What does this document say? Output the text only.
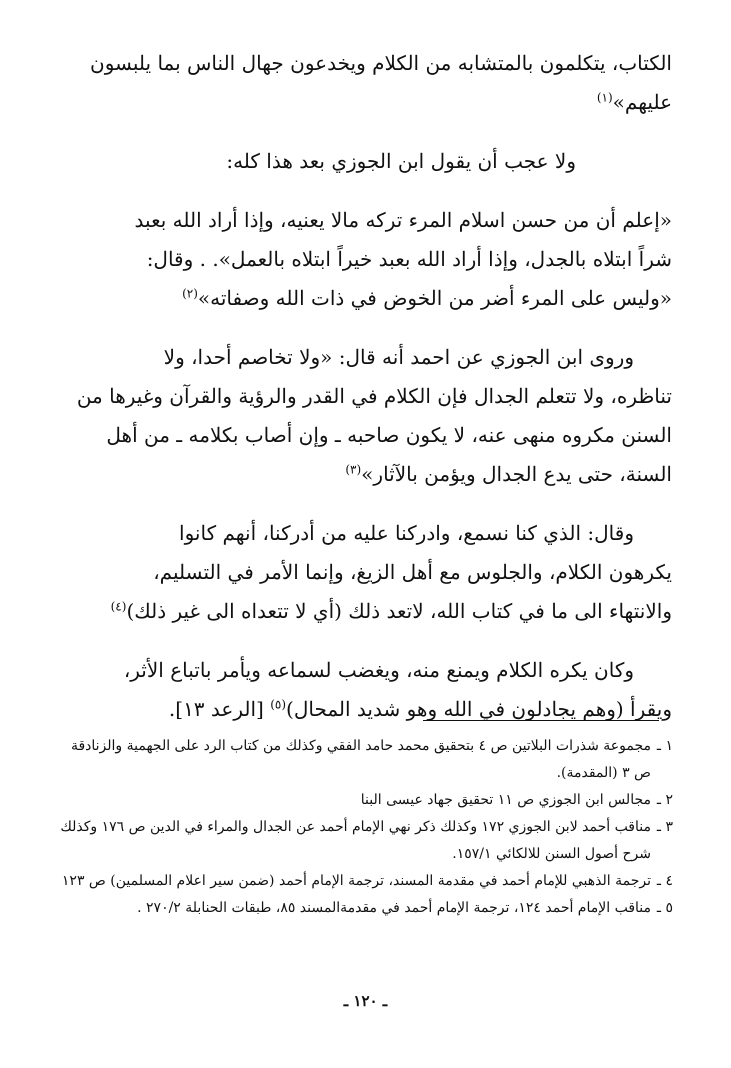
الكتاب، يتكلمون بالمتشابه من الكلام ويخدعون جهال الناس بما يلبسون
عليهم»$^{(١)}$

ولا عجب أن يقول ابن الجوزي بعد هذا كله:

«إعلم أن من حسن اسلام المرء تركه مالا يعنيه، وإذا أراد الله بعبد
شراً ابتلاه بالجدل، وإذا أراد الله بعبد خيراً ابتلاه بالعمل». . وقال:
«وليس على المرء أضر من الخوض في ذات الله وصفاته»$^{(٢)}$

وروى ابن الجوزي عن احمد أنه قال: «ولا تخاصم أحدا، ولا
تناظره، ولا تتعلم الجدال فإن الكلام في القدر والرؤية والقرآن وغيرها من
السنن مكروه منهى عنه، لا يكون صاحبه ـ وإن أصاب بكلامه ـ من أهل
السنة، حتى يدع الجدال ويؤمن بالآثار»$^{(٣)}$

وقال: الذي كنا نسمع، وادركنا عليه من أدركنا، أنهم كانوا
يكرهون الكلام، والجلوس مع أهل الزيغ، وإنما الأمر في التسليم،
والانتهاء الى ما في كتاب الله، لاتعد ذلك (أي لا تتعداه الى غير ذلك)$^{(٤)}$

وكان يكره الكلام ويمنع منه، ويغضب لسماعه ويأمر باتباع الأثر،
ويقرأ (وهم يجادلون في الله وهو شديد المحال)$^{(٥)}$ [الرعد ١٣].

١ ـمجموعة شذرات البلاتين ص ٤ بتحقيق محمد حامد الفقي وكذلك من كتاب الرد على الجهمية والزنادقة ص ٣ (المقدمة).

٢ ـمجالس ابن الجوزي ص ١١ تحقيق جهاد عيسى البنا

٣ ـمناقب أحمد لابن الجوزي ١٧٢ وكذلك ذكر نهي الإمام أحمد عن الجدال والمراء في الدين ص ١٧٦ وكذلك شرح أصول السنن للالكائي ١٥٧/١.

٤ ـترجمة الذهبي للإمام أحمد في مقدمة المسند، ترجمة الإمام أحمد (ضمن سير اعلام المسلمين) ص ١٢٣

٥ ـمناقب الإمام أحمد ١٢٤، ترجمة الإمام أحمد في مقدمةالمسند ٨٥، طبقات الحنابلة ٢٧٠/٢ .

ـ ١٢٠ ـ
